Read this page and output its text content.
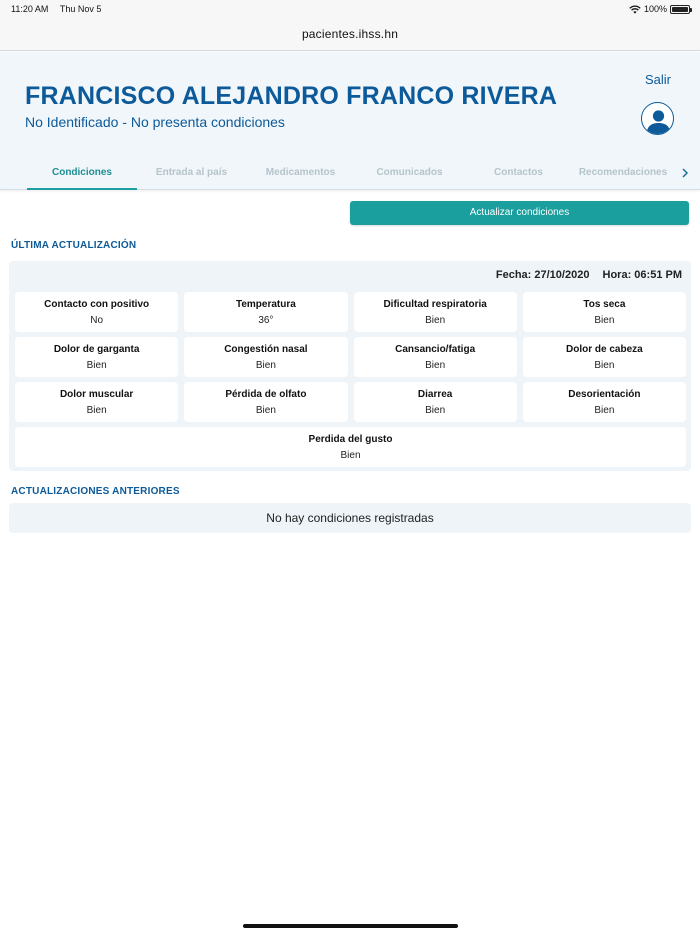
11:20 AM Thu Nov 5	100%
pacientes.ihss.hn
FRANCISCO ALEJANDRO FRANCO RIVERA
No Identificado - No presenta condiciones
Salir
Condiciones	Entrada al país	Medicamentos	Comunicados	Contactos	Recomendaciones
Actualizar condiciones
ÚLTIMA ACTUALIZACIÓN
Fecha: 27/10/2020 Hora: 06:51 PM
Contacto con positivo
No
Temperatura
36°
Dificultad respiratoria
Bien
Tos seca
Bien
Dolor de garganta
Bien
Congestión nasal
Bien
Cansancio/fatiga
Bien
Dolor de cabeza
Bien
Dolor muscular
Bien
Pérdida de olfato
Bien
Diarrea
Bien
Desorientación
Bien
Perdida del gusto
Bien
ACTUALIZACIONES ANTERIORES
No hay condiciones registradas
